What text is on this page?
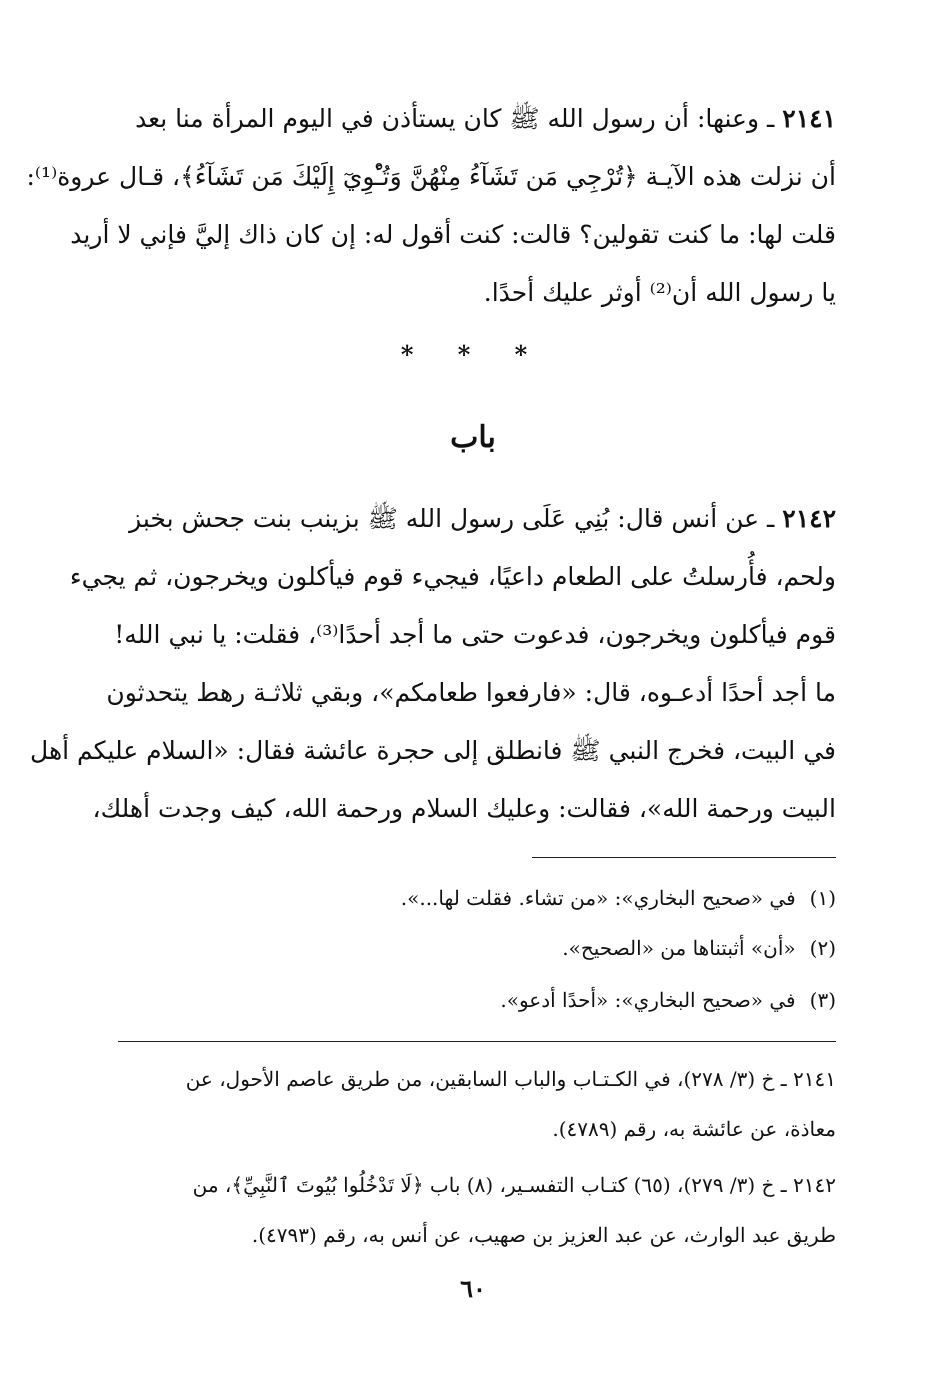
٢١٤١ ـ وعنها: أن رسول الله ﷺ كان يستأذن في اليوم المرأة منا بعد
أن نزلت هذه الآيـة ﴿تُرْجِي مَن تَشَآءُ مِنْهُنَّ وَتُـْٔوِيٓ إِلَيْكَ مَن تَشَآءُ﴾، قـال عروة⁽¹⁾:
قلت لها: ما كنت تقولين؟ قالت: كنت أقول له: إن كان ذاك إليَّ فإني لا أريد
يا رسول الله أن⁽²⁾ أوثر عليك أحدًا.
* * *
باب
٢١٤٢ ـ عن أنس قال: بُنِي عَلَى رسول الله ﷺ بزينب بنت جحش بخبز
ولحم، فأُرسلتُ على الطعام داعيًا، فيجيء قوم فيأكلون ويخرجون، ثم يجيء
قوم فيأكلون ويخرجون، فدعوت حتى ما أجد أحدًا⁽³⁾، فقلت: يا نبي الله!
ما أجد أحدًا أدعـوه، قال: «فارفعوا طعامكم»، وبقي ثلاثـة رهط يتحدثون
في البيت، فخرج النبي ﷺ فانطلق إلى حجرة عائشة فقال: «السلام عليكم أهل
البيت ورحمة الله»، فقالت: وعليك السلام ورحمة الله، كيف وجدت أهلك،
(١)في «صحيح البخاري»: «من تشاء. فقلت لها...».
(٢)«أن» أثبتناها من «الصحيح».
(٣)في «صحيح البخاري»: «أحدًا أدعو».
٢١٤١ ـ خ (٣/ ٢٧٨)، في الكـتـاب والباب السابقين، من طريق عاصم الأحول، عن
معاذة، عن عائشة به، رقم (٤٧٨٩).
٢١٤٢ ـ خ (٣/ ٢٧٩)، (٦٥) كتـاب التفسـير، (٨) باب ﴿لَا تَدْخُلُوا بُيُوتَ ٱلنَّبِيِّ﴾، من
طريق عبد الوارث، عن عبد العزيز بن صهيب، عن أنس به، رقم (٤٧٩٣).
٦٠
